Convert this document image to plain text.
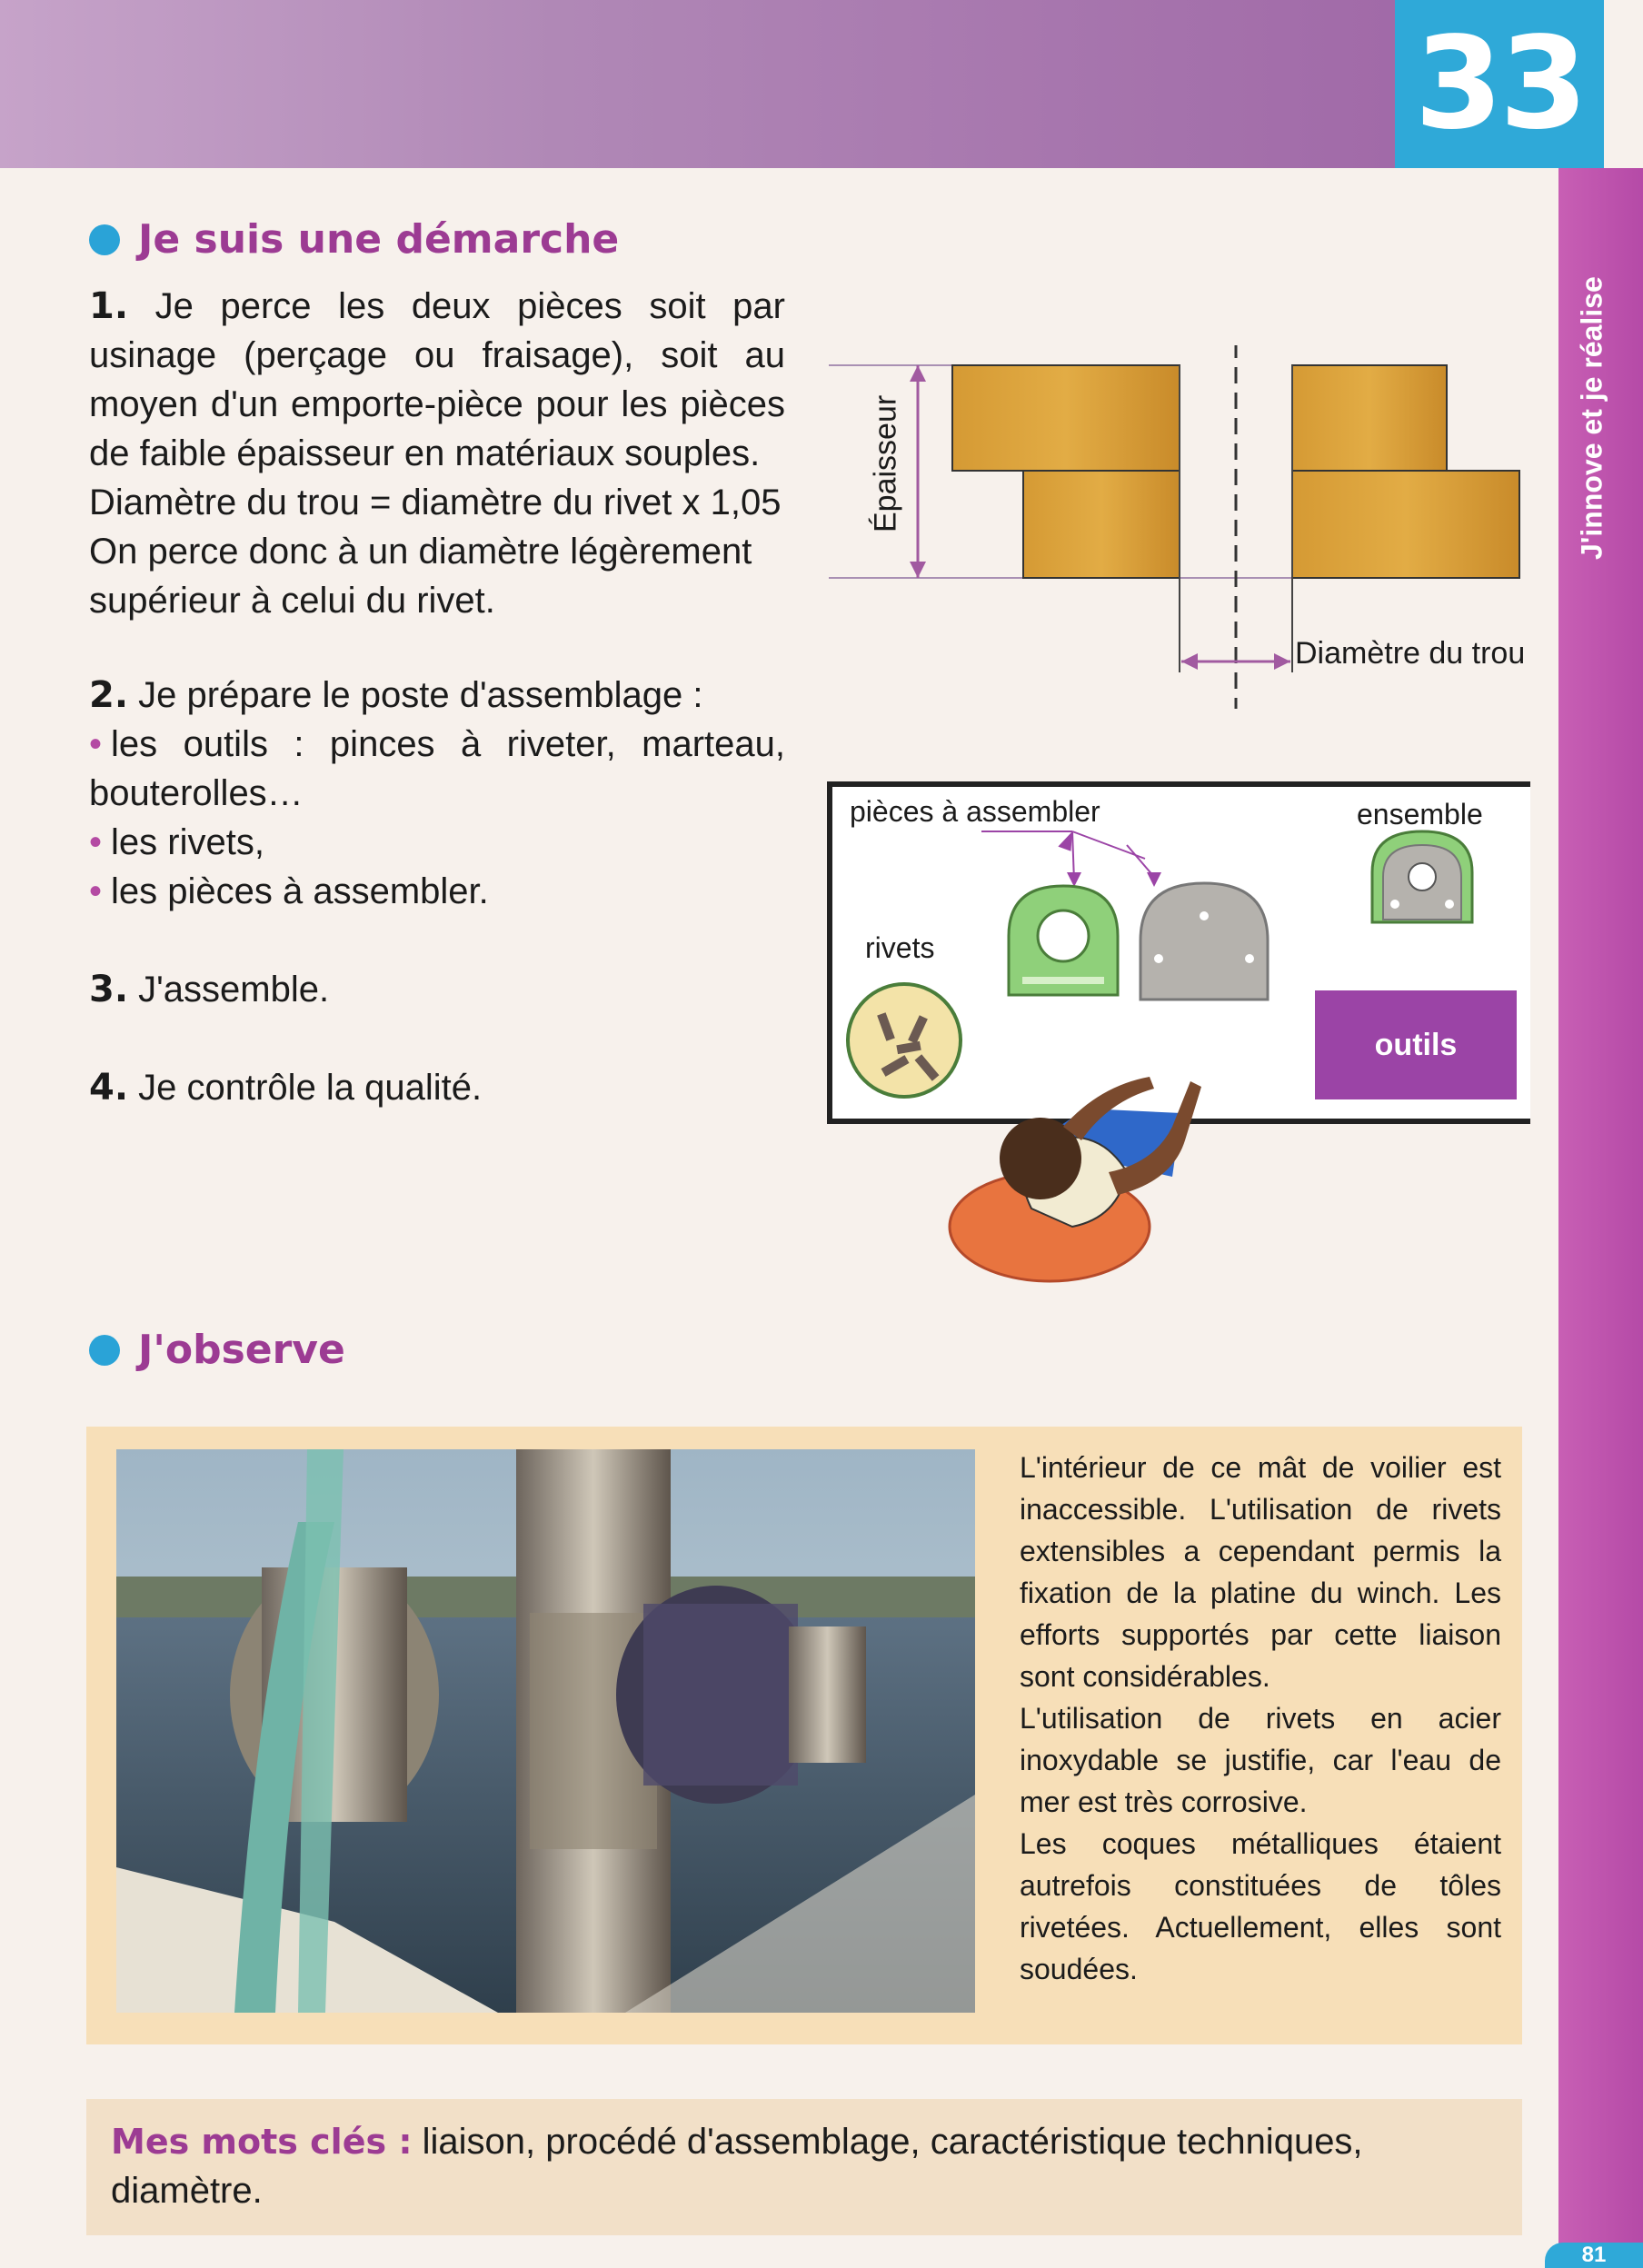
33
J'innove et je réalise
Je suis une démarche

1. Je perce les deux pièces soit par usinage (perçage ou fraisage), soit au moyen d'un emporte-pièce pour les pièces de faible épaisseur en matériaux souples.

Diamètre du trou = diamètre du rivet x 1,05

On perce donc à un diamètre légèrement supérieur à celui du rivet.

2. Je prépare le poste d'assemblage :

• les outils : pinces à riveter, marteau, bouterolles…

• les rivets,

• les pièces à assembler.

3. J'assemble.

4. Je contrôle la qualité.

Épaisseur
Diamètre du trou
pièces à assembler	ensemble
rivets
outils
J'observe

L'intérieur de ce mât de voilier est inaccessible. L'utilisation de rivets extensibles a cependant permis la fixation de la platine du winch. Les efforts supportés par cette liaison sont considérables.

L'utilisation de rivets en acier inoxydable se justifie, car l'eau de mer est très corrosive.

Les coques métalliques étaient autrefois constituées de tôles rivetées. Actuellement, elles sont soudées.

Mes mots clés : liaison, procédé d'assemblage, caractéristique techniques, diamètre.
81
